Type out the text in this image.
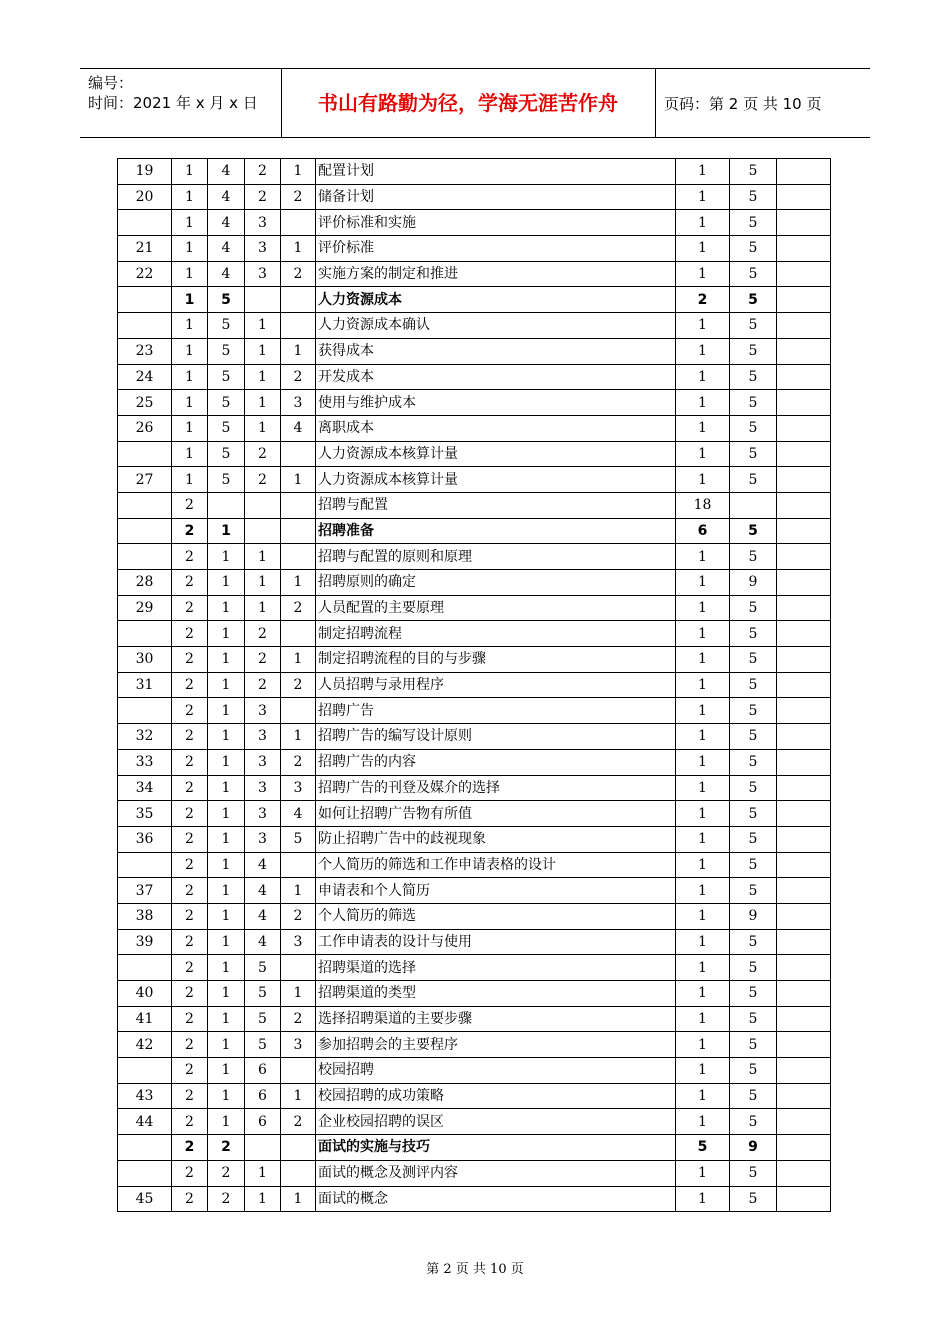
编号：
时间：2021 年 x 月 x 日	书山有路勤为径，学海无涯苦作舟	页码：第 2 页 共 10 页
19	1	4	2	1	配置计划	1	5	
20	1	4	2	2	储备计划	1	5	
	1	4	3		评价标准和实施	1	5	
21	1	4	3	1	评价标准	1	5	
22	1	4	3	2	实施方案的制定和推进	1	5	
	1	5			人力资源成本	2	5	
	1	5	1		人力资源成本确认	1	5	
23	1	5	1	1	获得成本	1	5	
24	1	5	1	2	开发成本	1	5	
25	1	5	1	3	使用与维护成本	1	5	
26	1	5	1	4	离职成本	1	5	
	1	5	2		人力资源成本核算计量	1	5	
27	1	5	2	1	人力资源成本核算计量	1	5	
	2				招聘与配置	18		
	2	1			招聘准备	6	5	
	2	1	1		招聘与配置的原则和原理	1	5	
28	2	1	1	1	招聘原则的确定	1	9	
29	2	1	1	2	人员配置的主要原理	1	5	
	2	1	2		制定招聘流程	1	5	
30	2	1	2	1	制定招聘流程的目的与步骤	1	5	
31	2	1	2	2	人员招聘与录用程序	1	5	
	2	1	3		招聘广告	1	5	
32	2	1	3	1	招聘广告的编写设计原则	1	5	
33	2	1	3	2	招聘广告的内容	1	5	
34	2	1	3	3	招聘广告的刊登及媒介的选择	1	5	
35	2	1	3	4	如何让招聘广告物有所值	1	5	
36	2	1	3	5	防止招聘广告中的歧视现象	1	5	
	2	1	4		个人简历的筛选和工作申请表格的设计	1	5	
37	2	1	4	1	申请表和个人简历	1	5	
38	2	1	4	2	个人简历的筛选	1	9	
39	2	1	4	3	工作申请表的设计与使用	1	5	
	2	1	5		招聘渠道的选择	1	5	
40	2	1	5	1	招聘渠道的类型	1	5	
41	2	1	5	2	选择招聘渠道的主要步骤	1	5	
42	2	1	5	3	参加招聘会的主要程序	1	5	
	2	1	6		校园招聘	1	5	
43	2	1	6	1	校园招聘的成功策略	1	5	
44	2	1	6	2	企业校园招聘的误区	1	5	
	2	2			面试的实施与技巧	5	9	
	2	2	1		面试的概念及测评内容	1	5	
45	2	2	1	1	面试的概念	1	5	
第 2 页 共 10 页
